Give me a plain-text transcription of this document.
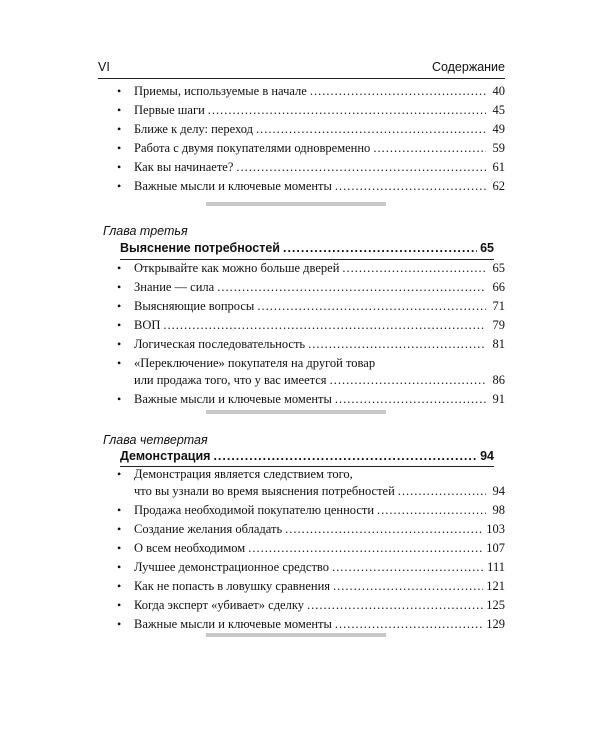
VI	Содержание
• Приемы, используемые в начале .....	40
• Первые шаги .....	45
• Ближе к делу: переход .....	49
• Работа с двумя покупателями одновременно .....	59
• Как вы начинаете? .....	61
• Важные мысли и ключевые моменты .....	62
Глава третья
Выяснение потребностей .....	65
• Открывайте как можно больше дверей .....	65
• Знание — сила .....	66
• Выясняющие вопросы .....	71
• ВОП .....	79
• Логическая последовательность .....	81
• «Переключение» покупателя на другой товар
или продажа того, что у вас имеется .....	86
• Важные мысли и ключевые моменты .....	91
Глава четвертая
Демонстрация .....	94
• Демонстрация является следствием того,
что вы узнали во время выяснения потребностей .....	94
• Продажа необходимой покупателю ценности .....	98
• Создание желания обладать .....	103
• О всем необходимом .....	107
• Лучшее демонстрационное средство .....	111
• Как не попасть в ловушку сравнения .....	121
• Когда эксперт «убивает» сделку .....	125
• Важные мысли и ключевые моменты .....	129
